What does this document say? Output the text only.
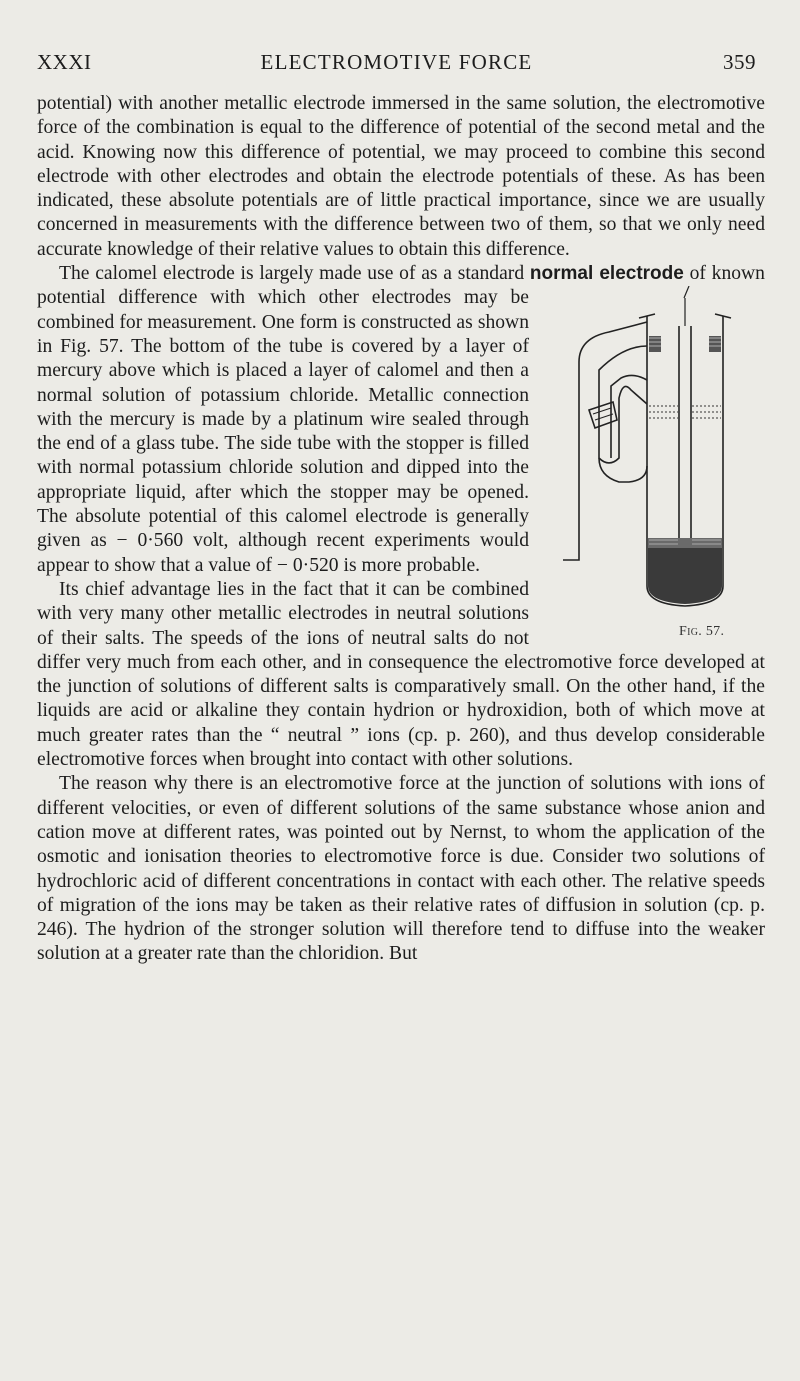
XXXI	ELECTROMOTIVE FORCE	359

potential) with another metallic electrode immersed in the same solution, the electromotive force of the combination is equal to the difference of potential of the second metal and the acid. Knowing now this difference of potential, we may proceed to combine this second electrode with other electrodes and obtain the electrode potentials of these. As has been indicated, these absolute potentials are of little practical importance, since we are usually concerned in measurements with the difference between two of them, so that we only need accurate knowledge of their relative values to obtain this difference.

The calomel electrode is largely made use of as a standard normal electrode
Fig. 57.
of known potential difference with which other electrodes may be combined for measurement. One form is constructed as shown in Fig. 57. The bottom of the tube is covered by a layer of mercury above which is placed a layer of calomel and then a normal solution of potassium chloride. Metallic connection with the mercury is made by a platinum wire sealed through the end of a glass tube. The side tube with the stopper is filled with normal potassium chloride solution and dipped into the appropriate liquid, after which the stopper may be opened. The absolute potential of this calomel electrode is generally given as − 0·560 volt, although recent experiments would appear to show that a value of − 0·520 is more probable.

Its chief advantage lies in the fact that it can be combined with very many other metallic electrodes in neutral solutions of their salts. The speeds of the ions of neutral salts do not differ very much from each other, and in consequence the electromotive force developed at the junction of solutions of different salts is comparatively small. On the other hand, if the liquids are acid or alkaline they contain hydrion or hydroxidion, both of which move at much greater rates than the “ neutral ” ions (cp. p. 260), and thus develop considerable electromotive forces when brought into contact with other solutions.

The reason why there is an electromotive force at the junction of solutions with ions of different velocities, or even of different solutions of the same substance whose anion and cation move at different rates, was pointed out by Nernst, to whom the application of the osmotic and ionisation theories to electromotive force is due. Consider two solutions of hydrochloric acid of different concentrations in contact with each other. The relative speeds of migration of the ions may be taken as their relative rates of diffusion in solution (cp. p. 246). The hydrion of the stronger solution will therefore tend to diffuse into the weaker solution at a greater rate than the chloridion. But
